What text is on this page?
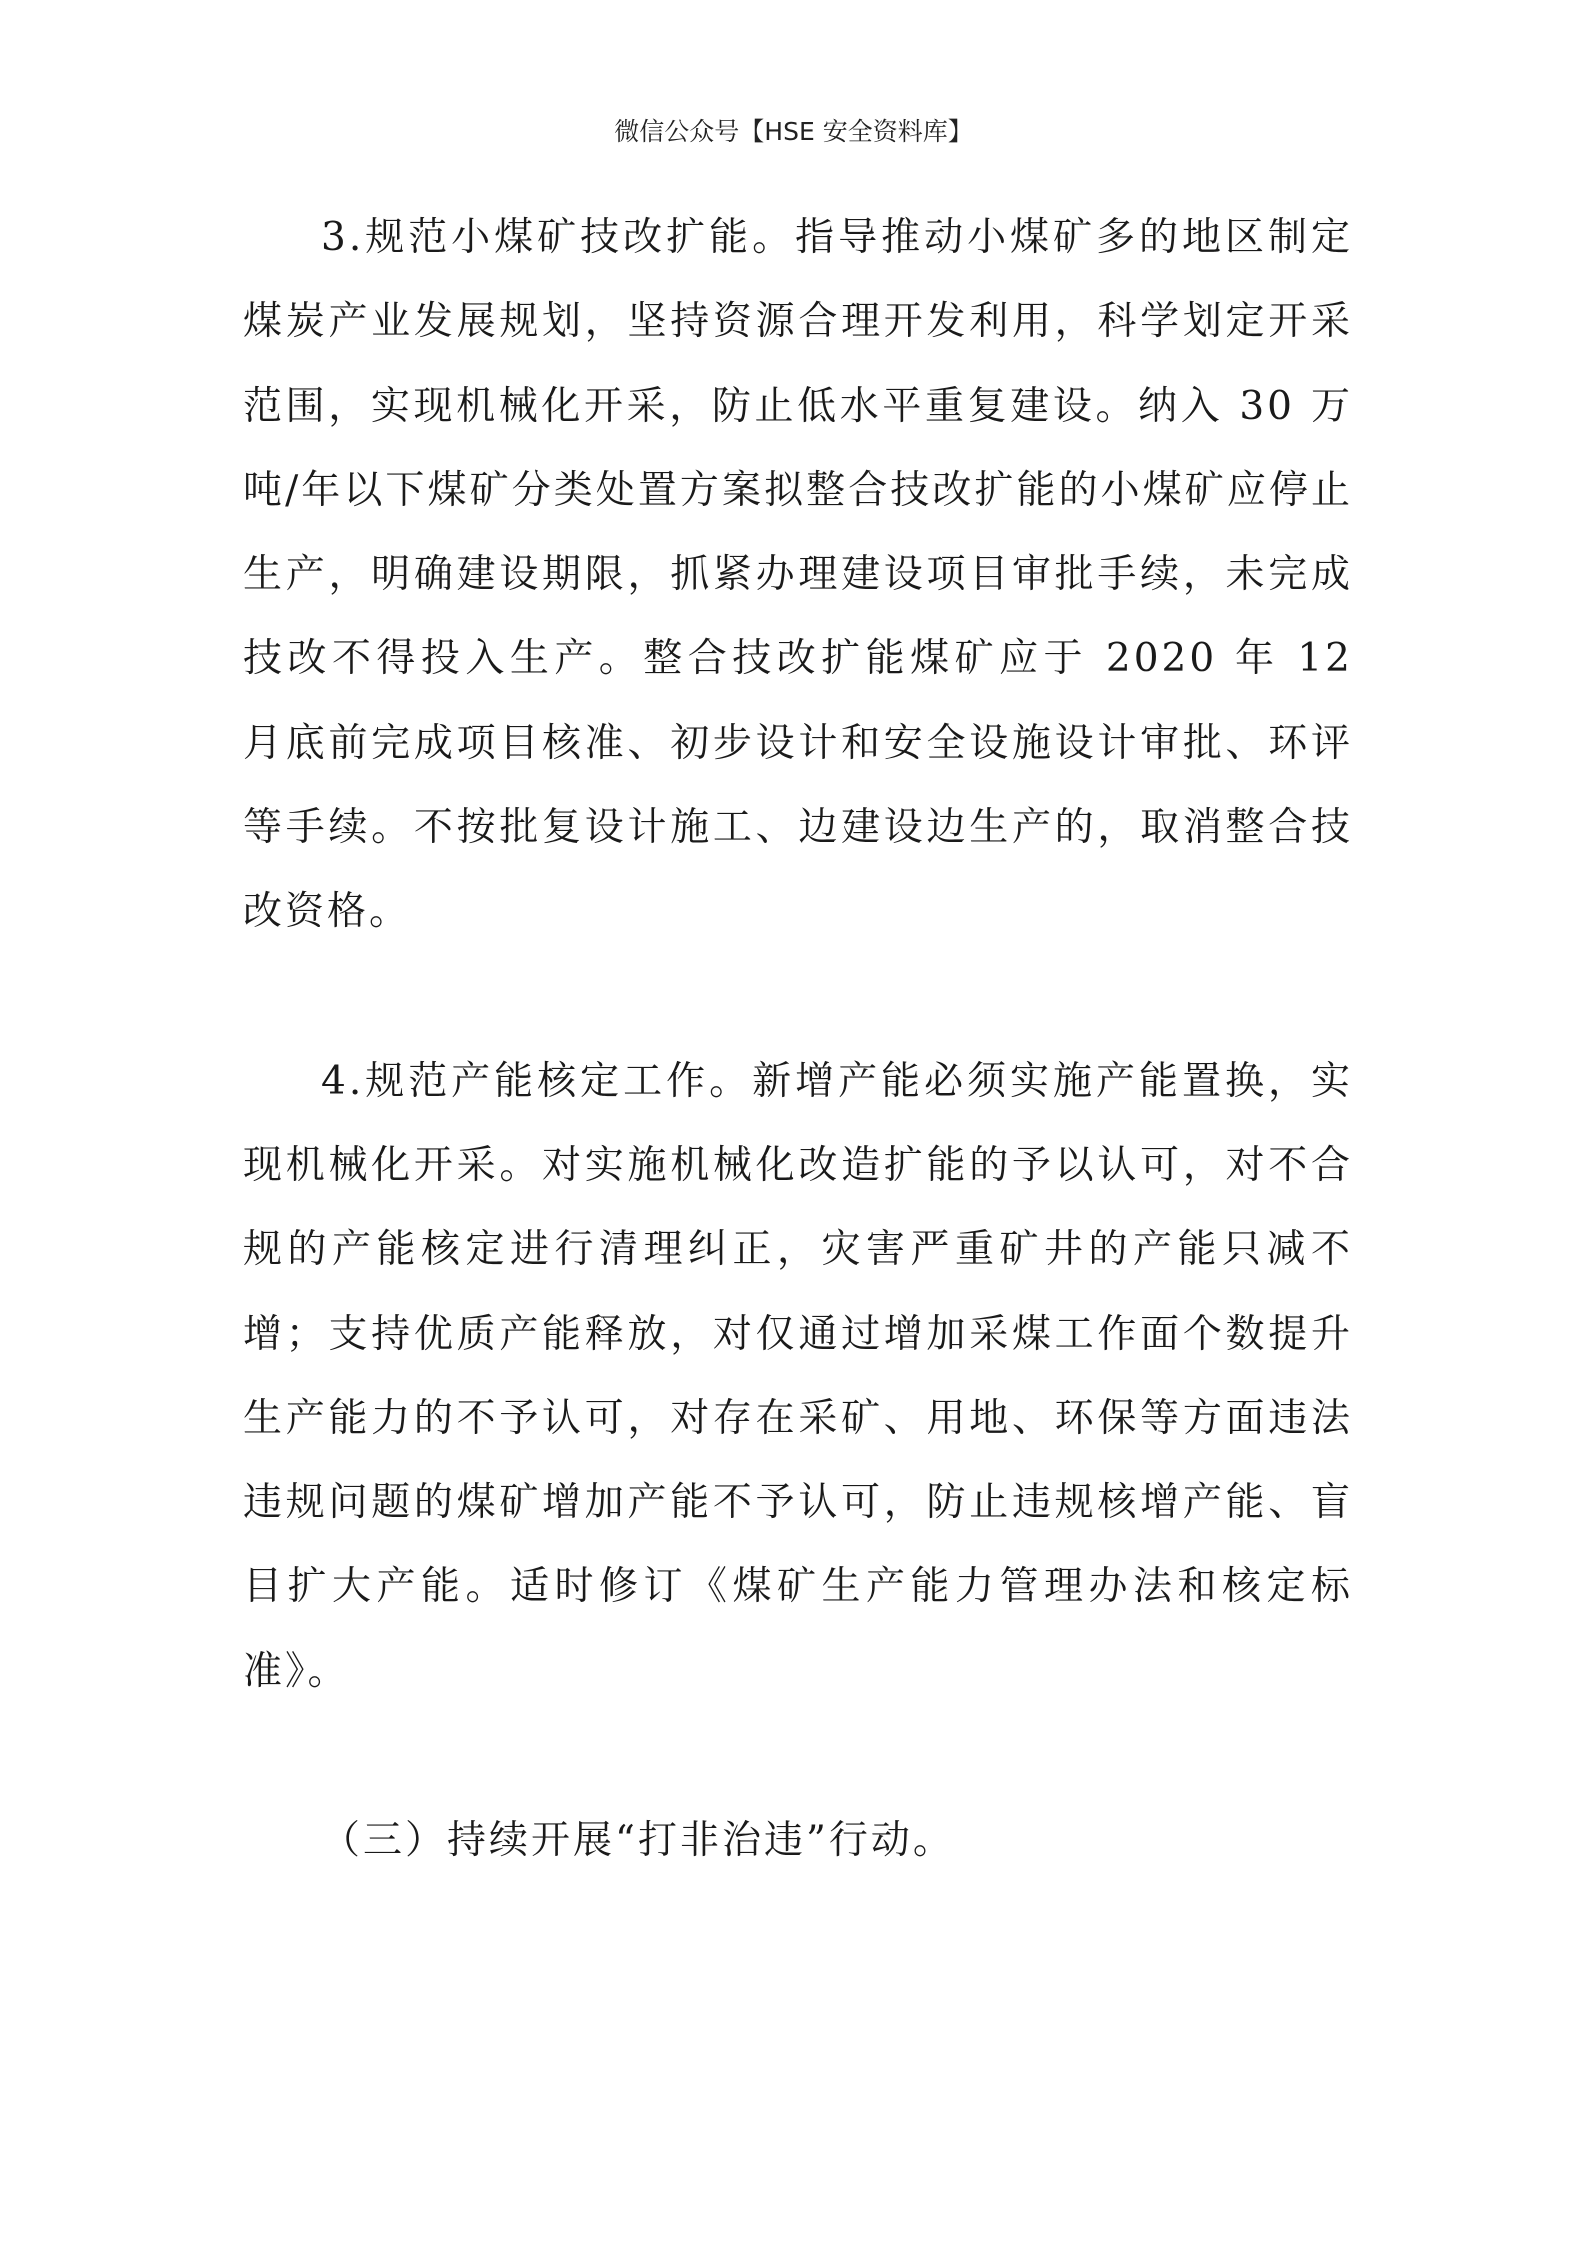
微信公众号【HSE 安全资料库】

3.规范小煤矿技改扩能。指导推动小煤矿多的地区制定煤炭产业发展规划，坚持资源合理开发利用，科学划定开采范围，实现机械化开采，防止低水平重复建设。纳入 30 万吨/年以下煤矿分类处置方案拟整合技改扩能的小煤矿应停止生产，明确建设期限，抓紧办理建设项目审批手续，未完成技改不得投入生产。整合技改扩能煤矿应于 2020 年 12 月底前完成项目核准、初步设计和安全设施设计审批、环评等手续。不按批复设计施工、边建设边生产的，取消整合技改资格。

4.规范产能核定工作。新增产能必须实施产能置换，实现机械化开采。对实施机械化改造扩能的予以认可，对不合规的产能核定进行清理纠正，灾害严重矿井的产能只减不增；支持优质产能释放，对仅通过增加采煤工作面个数提升生产能力的不予认可，对存在采矿、用地、环保等方面违法违规问题的煤矿增加产能不予认可，防止违规核增产能、盲目扩大产能。适时修订《煤矿生产能力管理办法和核定标准》。

（三）持续开展“打非治违”行动。
